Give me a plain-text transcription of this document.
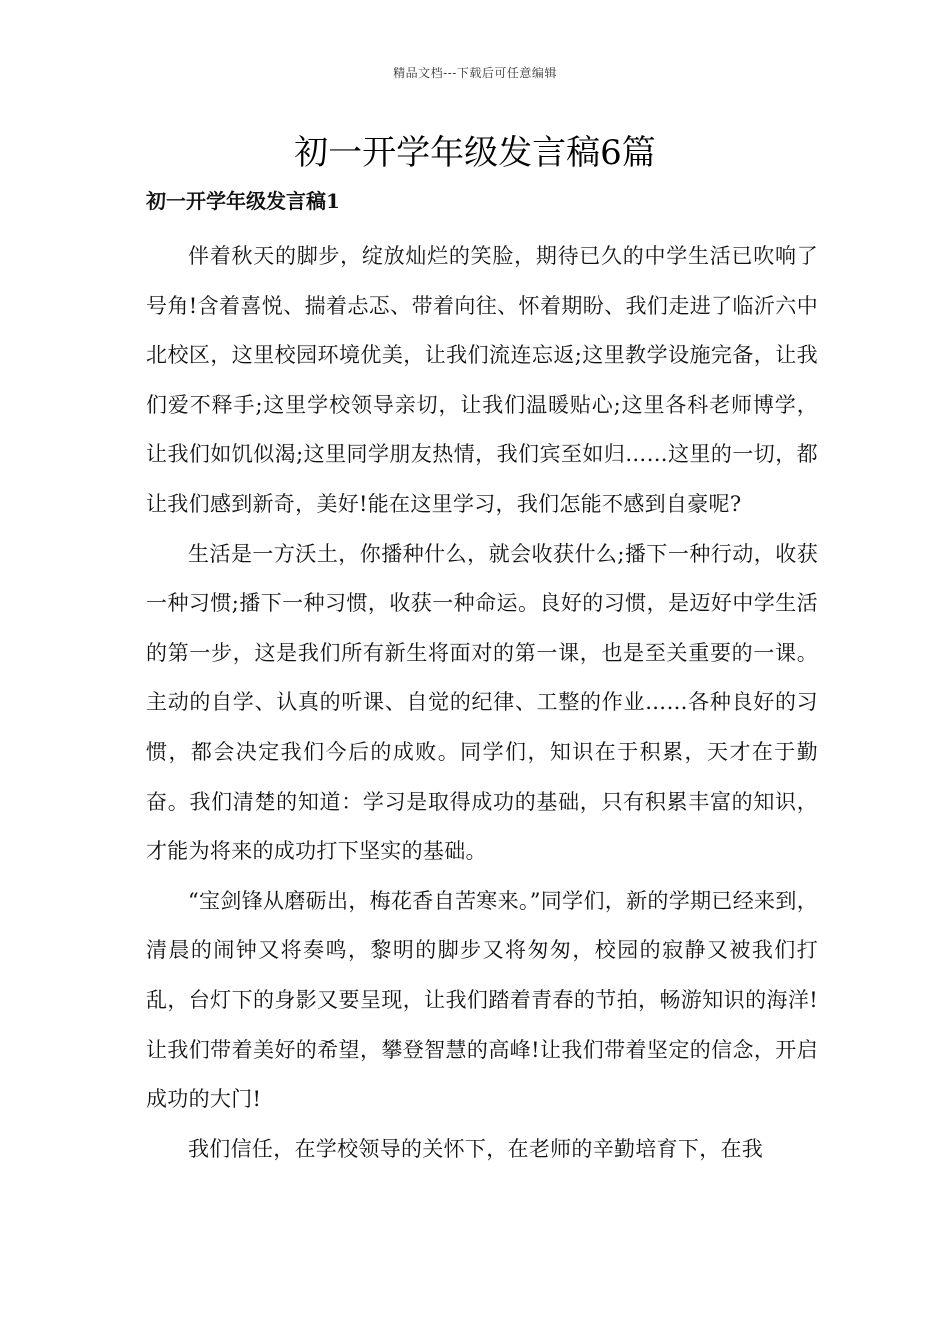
精品文档---下载后可任意编辑
初一开学年级发言稿6篇
初一开学年级发言稿1

伴着秋天的脚步，绽放灿烂的笑脸，期待已久的中学生活已吹响了号角!含着喜悦、揣着忐忑、带着向往、怀着期盼、我们走进了临沂六中北校区，这里校园环境优美，让我们流连忘返;这里教学设施完备，让我们爱不释手;这里学校领导亲切，让我们温暖贴心;这里各科老师博学，让我们如饥似渴;这里同学朋友热情，我们宾至如归……这里的一切，都让我们感到新奇，美好!能在这里学习，我们怎能不感到自豪呢?

生活是一方沃土，你播种什么，就会收获什么;播下一种行动，收获一种习惯;播下一种习惯，收获一种命运。良好的习惯，是迈好中学生活的第一步，这是我们所有新生将面对的第一课，也是至关重要的一课。主动的自学、认真的听课、自觉的纪律、工整的作业……各种良好的习惯，都会决定我们今后的成败。同学们，知识在于积累，天才在于勤奋。我们清楚的知道：学习是取得成功的基础，只有积累丰富的知识，才能为将来的成功打下坚实的基础。

“宝剑锋从磨砺出，梅花香自苦寒来。”同学们，新的学期已经来到，清晨的闹钟又将奏鸣，黎明的脚步又将匆匆，校园的寂静又被我们打乱，台灯下的身影又要呈现，让我们踏着青春的节拍，畅游知识的海洋!让我们带着美好的希望，攀登智慧的高峰!让我们带着坚定的信念，开启成功的大门!

我们信任，在学校领导的关怀下，在老师的辛勤培育下，在我
